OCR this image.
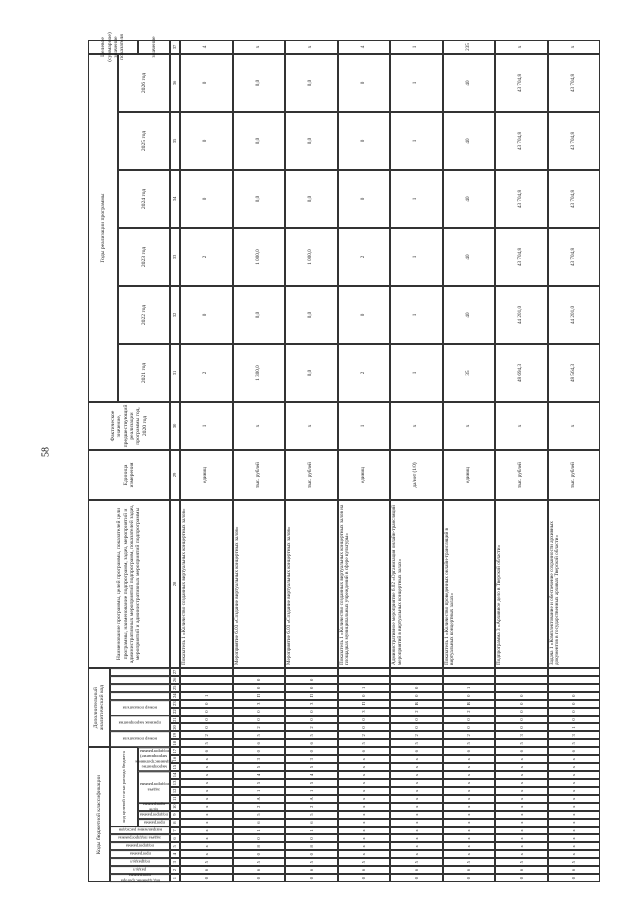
58
Коды бюджетной классификации	код целевой статьи расхода бюджета
Дополнительный аналитический код
код администратора программы
раздел
подраздел
программа
подпрограмма
задача подпрограммы
направление расходов
программа
подпрограмма
цель программы
задача подпрограммы
мероприятие (административное мероприятие) подпрограммы
номер показателя
признак мероприятия
номер показателя
Наименование программы, целей программы, показателей цели программы, наименование подпрограмм, задач, мероприятий и административных мероприятий подпрограмм, показателей задач, мероприятий и административных мероприятий подпрограммы
Единица измерения
Фактическое значение, предшествующий реализации программы год, 2020 год
Годы реализации программы
2021 год
2022 год
2023 год
2024 год
2025 год
2026 год
Целевое (суммарное) значение показателя	значение
1
2
3
4
5
6
7
8
9
10
11
12
13
14
15
16
17
18
19
20
21
22
23
24
25
26
27
28
29
30
31
32
33
34
35
36
37
0
6
5
x
x
x
x
x
x
x
x
x
x
x
x
x
6
5
2
0
0
0
0
1
Показатель 1 «Количество созданных виртуальных концертных залов»
единиц
1
2
0
2
0
0
0
4
0
6
5
0
8
0
1
6
5
2
A
1
5
4
5
3
0
6
5
2
0
0
3
П
0
0
Мероприятие 6.03 «Создание виртуальных концертных залов»
тыс. рублей
x
1 300,0
0,0
1 000,0
0,0
0,0
0,0
x
0
6
5
0
8
0
1
6
5
2
A
1
5
4
5
3
0
6
5
2
0
0
3
П
0
0
Мероприятие 6.03 «Создание виртуальных концертных залов»
тыс. рублей
x
0,0
0,0
1 000,0
0,0
0,0
0,0
x
0
6
5
x
x
x
x
x
x
x
x
x
x
x
x
x
6
5
2
0
0
3
П
0
1
Показатель 1 «Количество созданных виртуальных концертных залов на площадках муниципальных учреждений в сфере культуры»
единиц
1
2
0
2
0
0
0
4
0
6
5
x
x
x
x
x
x
x
x
x
x
x
x
x
6
5
2
0
0
2
В
0
0
Административное мероприятие 6.02 «Организация онлайн-трансляций мероприятий в виртуальных концертных залах»
да/нет (1/0)
x
1
1
1
1
1
1
1
0
6
5
x
x
x
x
x
x
x
x
x
x
x
x
x
6
5
2
0
0
2
В
0
1
Показатель 1 «Количество проведенных онлайн-трансляций в виртуальных концертных залах»
единиц
x
35
40
40
40
40
40
235
0
6
5
x
x
x
x
x
x
x
x
x
x
x
x
x
6
5
3
0
0
0
0
0
Подпрограмма 3 «Архивное дело в Тверской области»
тыс. рублей
x
48 694,3
44 201,0
43 704,8
43 704,8
43 704,8
43 704,8
x
0
6
5
x
x
x
x
x
x
x
x
x
x
x
x
x
6
5
3
1
0
0
0
0
Задача 1 «Комплектование и обеспечение сохранности архивных документов в государственных архивах Тверской области»
тыс. рублей
x
48 564,3
44 201,0
43 704,8
43 704,8
43 704,8
43 704,8
x
